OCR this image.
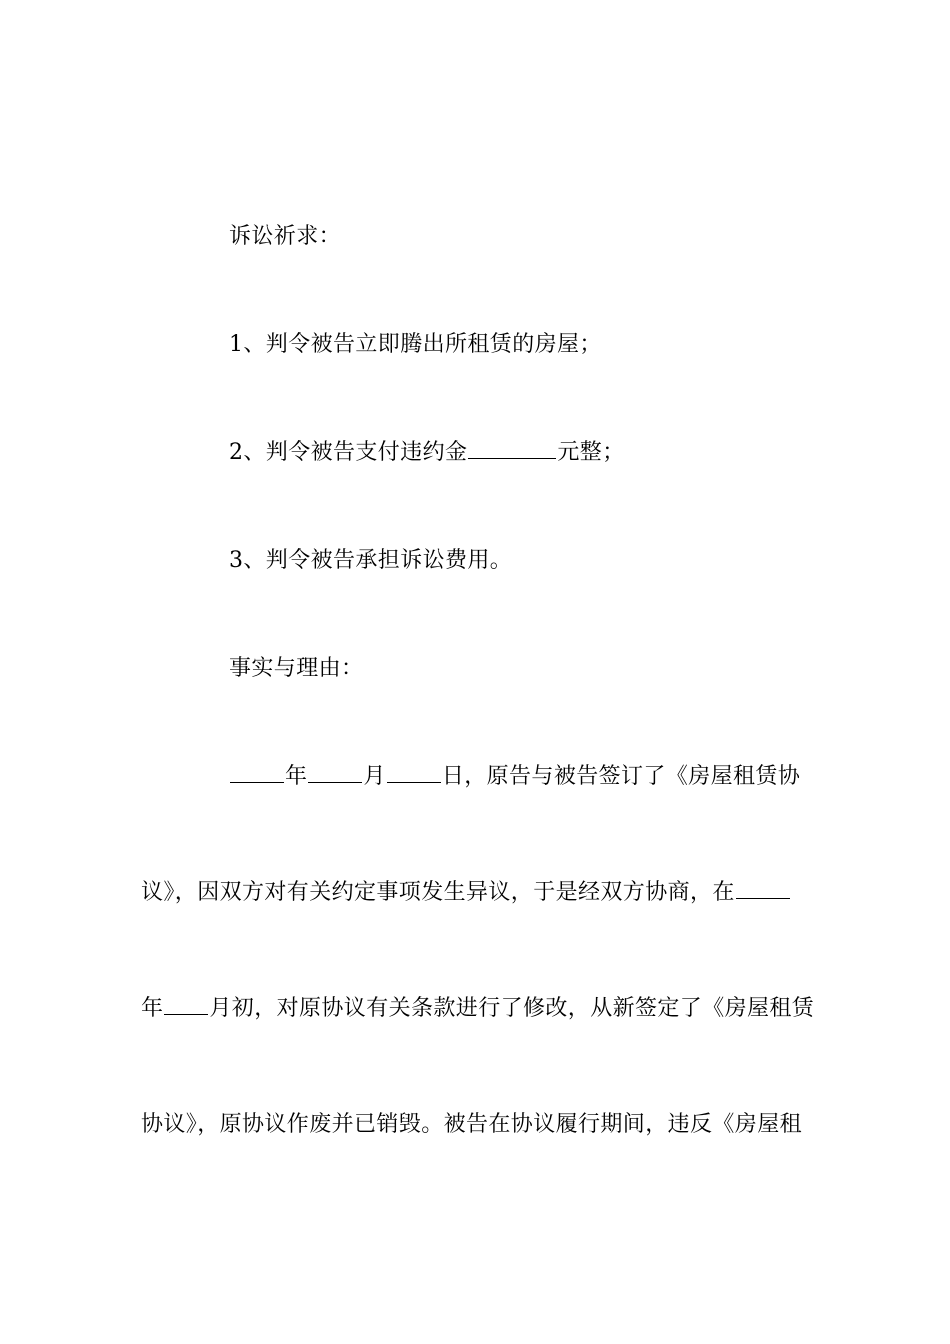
诉讼祈求：
1、判令被告立即腾出所租赁的房屋；
2、判令被告支付违约金	元整；
3、判令被告承担诉讼费用。
事实与理由：
年	月	日，原告与被告签订了《房屋租赁协
议》，因双方对有关约定事项发生异议，于是经双方协商，在
年 月初，对原协议有关条款进行了修改，从新签定了《房屋租赁
协议》，原协议作废并已销毁。被告在协议履行期间，违反《房屋租
